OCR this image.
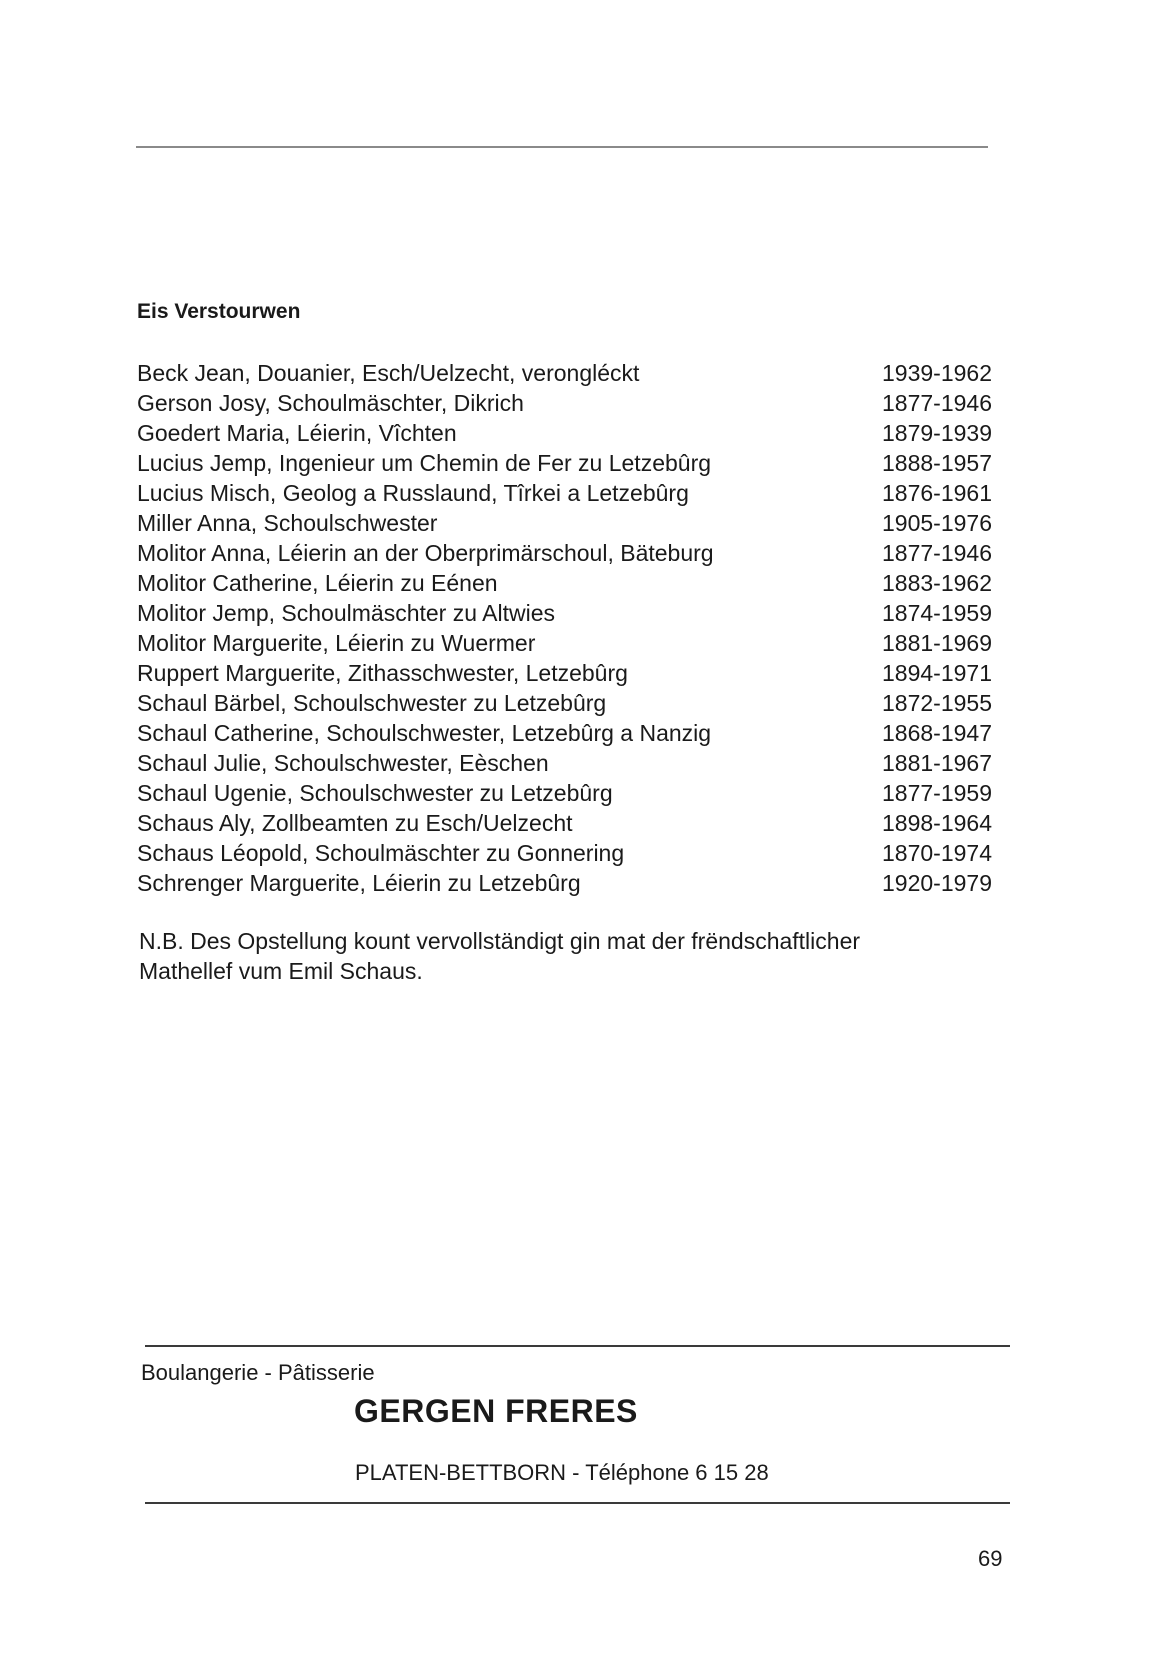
Eis Verstourwen
Beck Jean, Douanier, Esch/Uelzecht, verongléckt	1939-1962
Gerson Josy, Schoulmäschter, Dikrich	1877-1946
Goedert Maria, Léierin, Vîchten	1879-1939
Lucius Jemp, Ingenieur um Chemin de Fer zu Letzebûrg	1888-1957
Lucius Misch, Geolog a Russlaund, Tîrkei a Letzebûrg	1876-1961
Miller Anna, Schoulschwester	1905-1976
Molitor Anna, Léierin an der Oberprimärschoul, Bäteburg	1877-1946
Molitor Catherine, Léierin zu Eénen	1883-1962
Molitor Jemp, Schoulmäschter zu Altwies	1874-1959
Molitor Marguerite, Léierin zu Wuermer	1881-1969
Ruppert Marguerite, Zithasschwester, Letzebûrg	1894-1971
Schaul Bärbel, Schoulschwester zu Letzebûrg	1872-1955
Schaul Catherine, Schoulschwester, Letzebûrg a Nanzig	1868-1947
Schaul Julie, Schoulschwester, Eèschen	1881-1967
Schaul Ugenie, Schoulschwester zu Letzebûrg	1877-1959
Schaus Aly, Zollbeamten zu Esch/Uelzecht	1898-1964
Schaus Léopold, Schoulmäschter zu Gonnering	1870-1974
Schrenger Marguerite, Léierin zu Letzebûrg	1920-1979

N.B. Des Opstellung kount vervollständigt gin mat der frëndschaftlicher
Mathellef vum Emil Schaus.

Boulangerie - Pâtisserie

GERGEN FRERES

PLATEN-BETTBORN - Téléphone 6 15 28

69
